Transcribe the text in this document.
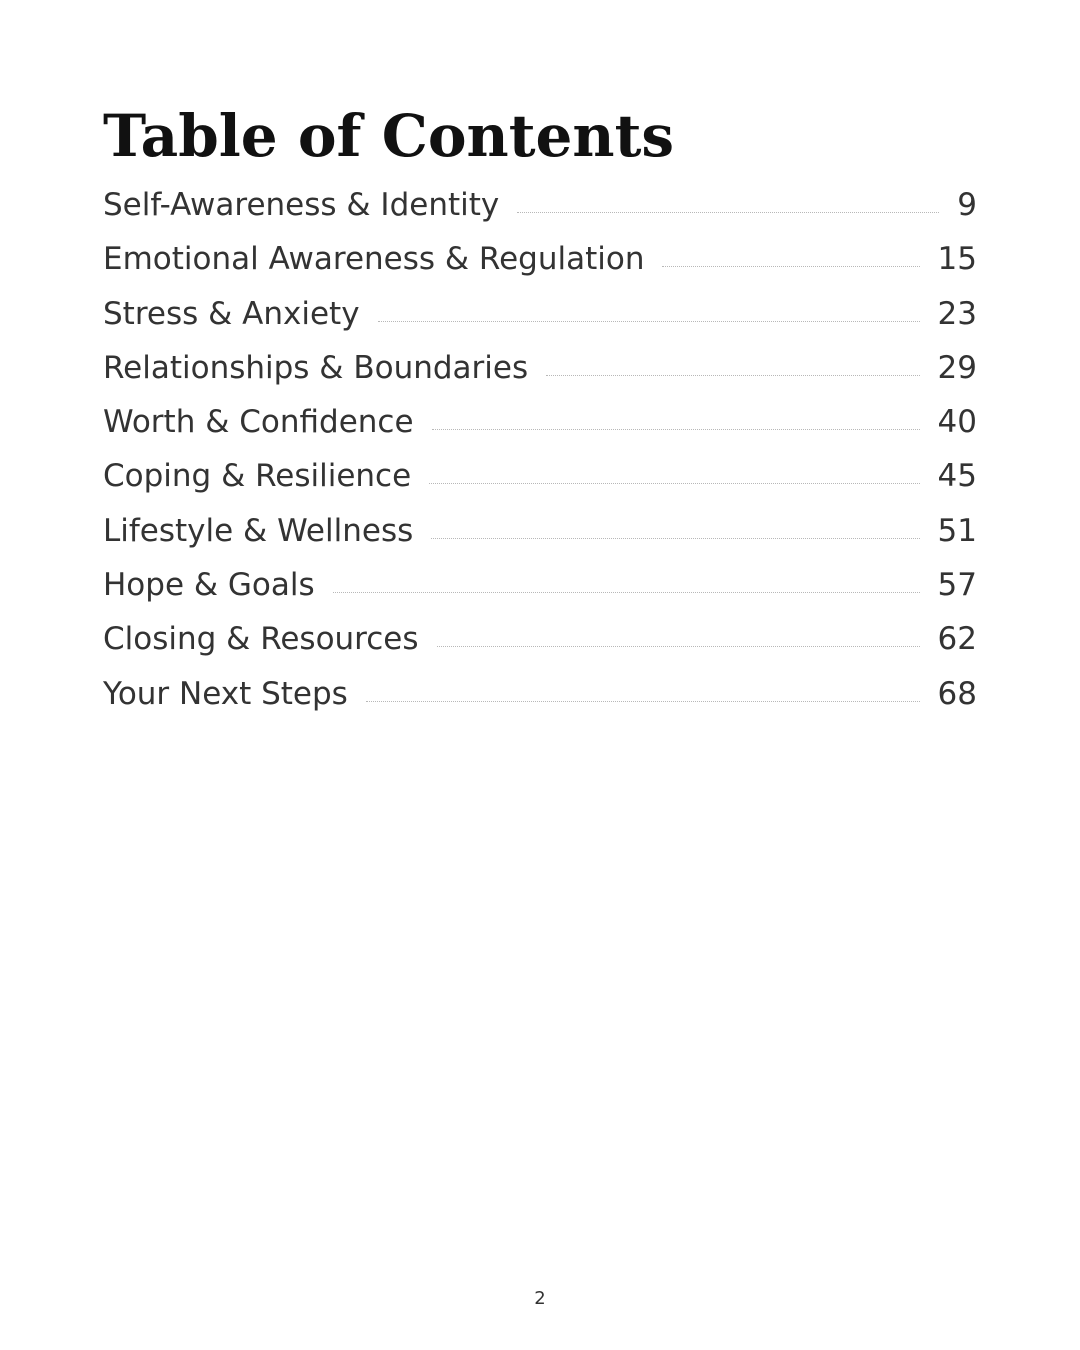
Table of Contents
Self-Awareness & Identity	9
Emotional Awareness & Regulation	15
Stress & Anxiety	23
Relationships & Boundaries	29
Worth & Confidence	40
Coping & Resilience	45
Lifestyle & Wellness	51
Hope & Goals	57
Closing & Resources	62
Your Next Steps	68
2
